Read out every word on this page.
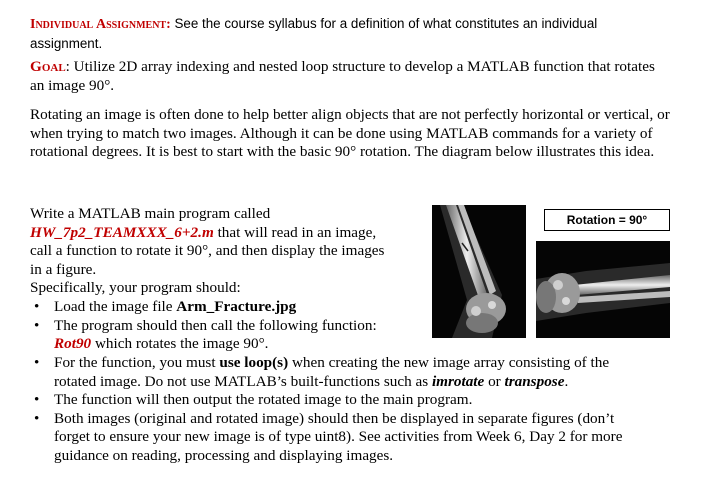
Individual Assignment: See the course syllabus for a definition of what constitutes an individual assignment.
Goal: Utilize 2D array indexing and nested loop structure to develop a MATLAB function that rotates an image 90°.
Rotating an image is often done to help better align objects that are not perfectly horizontal or vertical, or when trying to match two images. Although it can be done using MATLAB commands for a variety of rotational degrees. It is best to start with the basic 90° rotation. The diagram below illustrates this idea.
Write a MATLAB main program called HW_7p2_TEAMXXX_6+2.m that will read in an image, call a function to rotate it 90°, and then display the images in a figure.
Specifically, your program should:
• Load the image file Arm_Fracture.jpg
• The program should then call the following function: Rot90 which rotates the image 90°.
• For the function, you must use loop(s) when creating the new image array consisting of the rotated image. Do not use MATLAB’s built-functions such as imrotate or transpose.
• The function will then output the rotated image to the main program.
• Both images (original and rotated image) should then be displayed in separate figures (don’t forget to ensure your new image is of type uint8). See activities from Week 6, Day 2 for more guidance on reading, processing and displaying images.
Rotation = 90°
